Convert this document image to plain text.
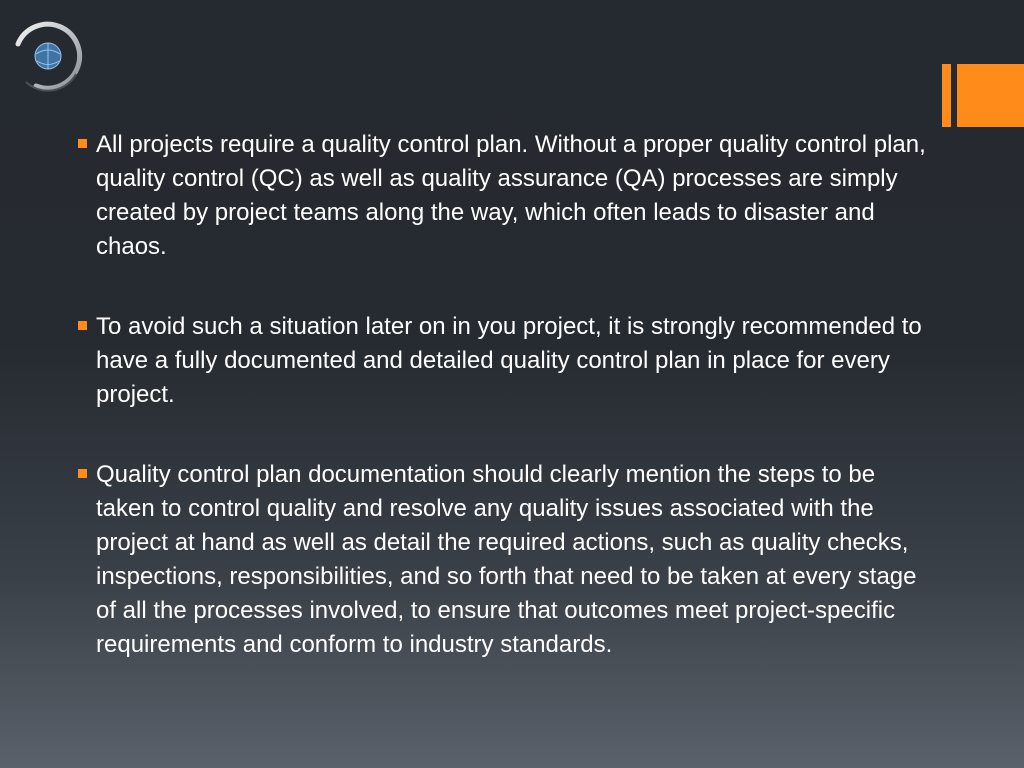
All projects require a quality control plan. Without a proper quality control plan, quality control (QC) as well as quality assurance (QA) processes are simply created by project teams along the way, which often leads to disaster and chaos.
To avoid such a situation later on in you project, it is strongly recommended to have a fully documented and detailed quality control plan in place for every project.
Quality control plan documentation should clearly mention the steps to be taken to control quality and resolve any quality issues associated with the project at hand as well as detail the required actions, such as quality checks, inspections, responsibilities, and so forth that need to be taken at every stage of all the processes involved, to ensure that outcomes meet project-specific requirements and conform to industry standards.
